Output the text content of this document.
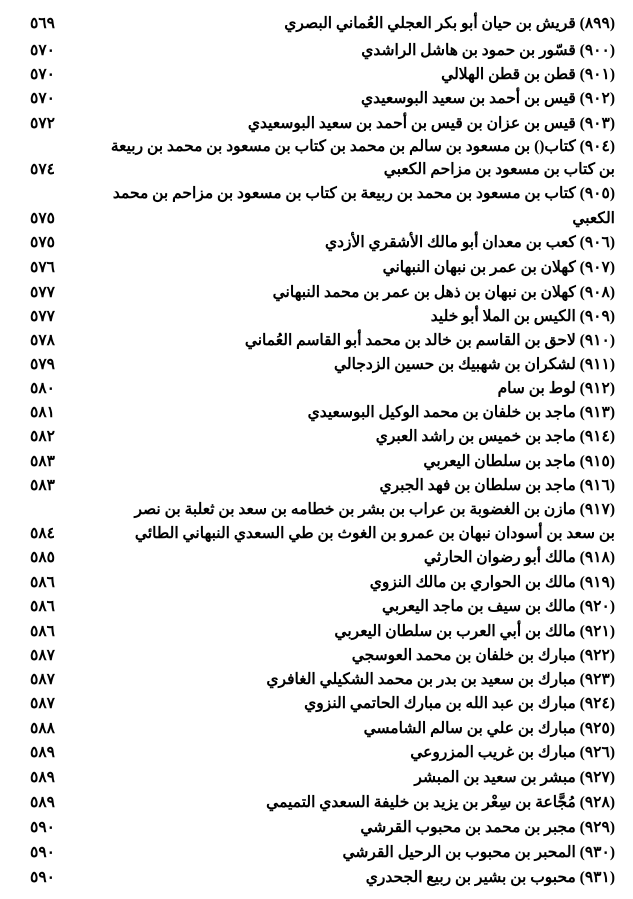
(٨٩٩) قريش بن حيان أبو بكر العجلي العُماني البصري
٥٦٩
(٩٠٠) قسّور بن حمود بن هاشل الراشدي
٥٧٠
(٩٠١) قطن بن قطن الهلالي
٥٧٠
(٩٠٢) قيس بن أحمد بن سعيد البوسعيدي
٥٧٠
(٩٠٣) قيس بن عزان بن قيس بن أحمد بن سعيد البوسعيدي
٥٧٢
(٩٠٤) كتاب() بن مسعود بن سالم بن محمد بن كتاب بن مسعود بن محمد بن ربيعة
بن كتاب بن مسعود بن مزاحم الكعبي
٥٧٤
(٩٠٥) كتاب بن مسعود بن محمد بن ربيعة بن كتاب بن مسعود بن مزاحم بن محمد
الكعبي
٥٧٥
(٩٠٦) كعب بن معدان أبو مالك الأشقري الأزدي
٥٧٥
(٩٠٧) كهلان بن عمر بن نبهان النبهاني
٥٧٦
(٩٠٨) كهلان بن نبهان بن ذهل بن عمر بن محمد النبهاني
٥٧٧
(٩٠٩) الكيس بن الملا أبو خليد
٥٧٧
(٩١٠) لاحق بن القاسم بن خالد بن محمد أبو القاسم العُماني
٥٧٨
(٩١١) لشكران بن شهبيك بن حسين الزدجالي
٥٧٩
(٩١٢) لوط بن سام
٥٨٠
(٩١٣) ماجد بن خلفان بن محمد الوكيل البوسعيدي
٥٨١
(٩١٤) ماجد بن خميس بن راشد العبري
٥٨٢
(٩١٥) ماجد بن سلطان اليعربي
٥٨٣
(٩١٦) ماجد بن سلطان بن فهد الجبري
٥٨٣
(٩١٧) مازن بن الغضوبة بن عراب بن بشر بن خطامه بن سعد بن ثعلبة بن نصر
بن سعد بن أسودان نبهان بن عمرو بن الغوث بن طي السعدي النبهاني الطائي
٥٨٤
(٩١٨) مالك أبو رضوان الحارثي
٥٨٥
(٩١٩) مالك بن الحواري بن مالك النزوي
٥٨٦
(٩٢٠) مالك بن سيف بن ماجد اليعربي
٥٨٦
(٩٢١) مالك بن أبي العرب بن سلطان اليعربي
٥٨٦
(٩٢٢) مبارك بن خلفان بن محمد العوسجي
٥٨٧
(٩٢٣) مبارك بن سعيد بن بدر بن محمد الشكيلي الغافري
٥٨٧
(٩٢٤) مبارك بن عبد الله بن مبارك الحاتمي النزوي
٥٨٧
(٩٢٥) مبارك بن علي بن سالم الشامسي
٥٨٨
(٩٢٦) مبارك بن غريب المزروعي
٥٨٩
(٩٢٧) مبشر بن سعيد بن المبشر
٥٨٩
(٩٢٨) مُجَّاعة بن سِعْر بن يزيد بن خليفة السعدي التميمي
٥٨٩
(٩٢٩) مجبر بن محمد بن محبوب القرشي
٥٩٠
(٩٣٠) المحبر بن محبوب بن الرحيل القرشي
٥٩٠
(٩٣١) محبوب بن بشير بن ربيع الجحدري
٥٩٠
